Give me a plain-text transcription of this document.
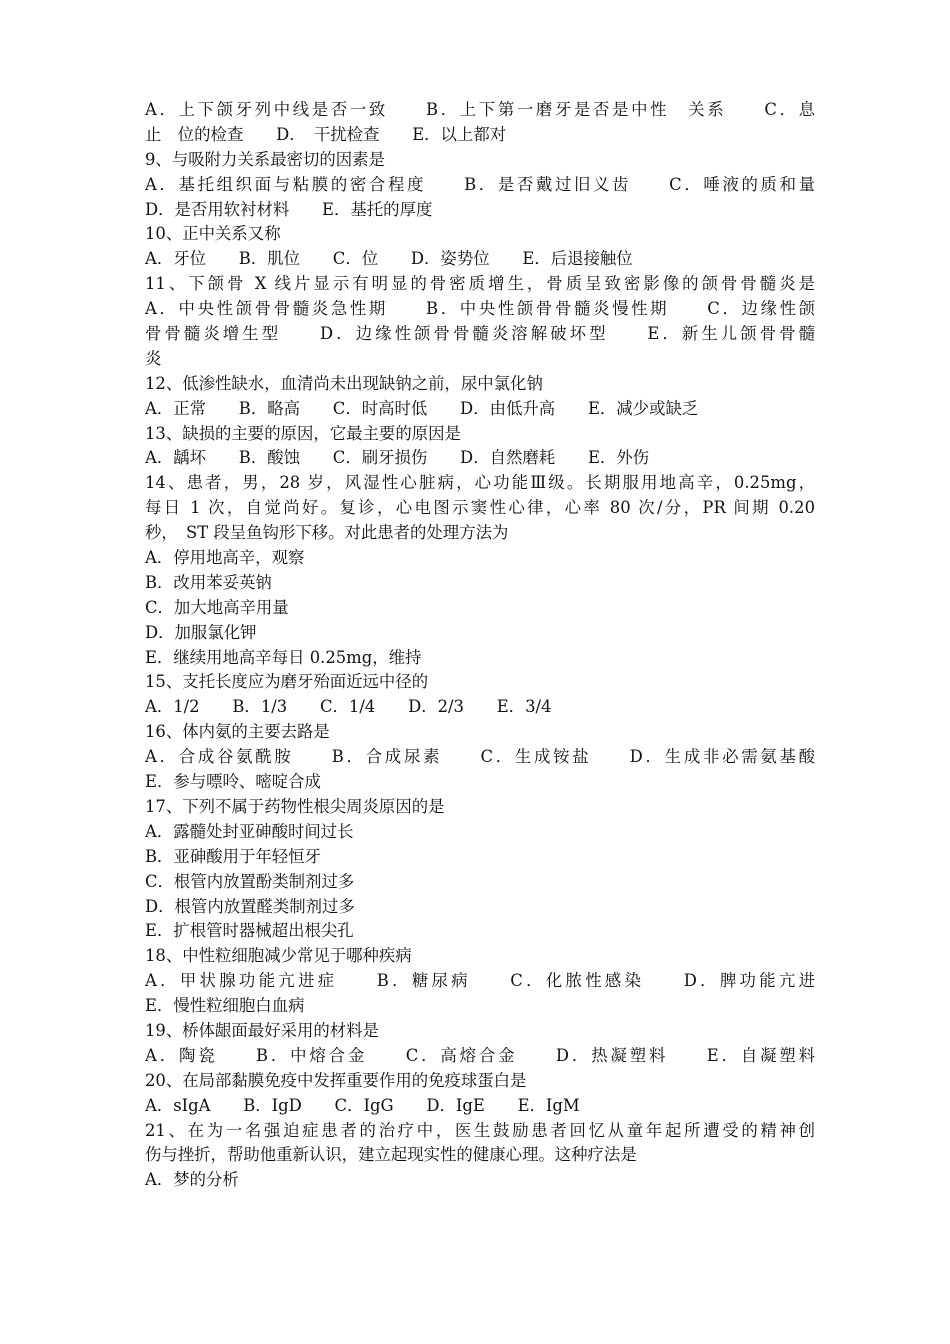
A．上下颌牙列中线是否一致　　B．上下第一磨牙是否是中性　关系　　C．息
止　位的检查　　D．　干扰检查　　E．以上都对
9、与吸附力关系最密切的因素是
A．基托组织面与粘膜的密合程度　　B．是否戴过旧义齿　　C．唾液的质和量
D．是否用软衬材料　　E．基托的厚度
10、正中关系又称
A．牙位　　B．肌位　　C．位　　D．姿势位　　E．后退接触位
11、下颌骨 X 线片显示有明显的骨密质增生，骨质呈致密影像的颌骨骨髓炎是
A．中央性颌骨骨髓炎急性期　　B．中央性颌骨骨髓炎慢性期　　C．边缘性颌
骨骨髓炎增生型　　D．边缘性颌骨骨髓炎溶解破坏型　　E．新生儿颌骨骨髓
炎
12、低渗性缺水，血清尚未出现缺钠之前，尿中氯化钠
A．正常　　B．略高　　C．时高时低　　D．由低升高　　E．减少或缺乏
13、缺损的主要的原因，它最主要的原因是
A．龋坏　　B．酸蚀　　C．刷牙损伤　　D．自然磨耗　　E．外伤
14、患者，男，28 岁，风湿性心脏病，心功能Ⅲ级。长期服用地高辛，0.25mg，
每日 1 次，自觉尚好。复诊，心电图示窦性心律，心率 80 次/分，PR 间期 0.20
秒，　ST 段呈鱼钩形下移。对此患者的处理方法为
A．停用地高辛，观察
B．改用苯妥英钠
C．加大地高辛用量
D．加服氯化钾
E．继续用地高辛每日 0.25mg，维持
15、支托长度应为磨牙殆面近远中径的
A．1/2　　B．1/3　　C．1/4　　D．2/3　　E．3/4
16、体内氨的主要去路是
A．合成谷氨酰胺　　B．合成尿素　　C．生成铵盐　　D．生成非必需氨基酸
E．参与嘌呤、嘧啶合成
17、下列不属于药物性根尖周炎原因的是
A．露髓处封亚砷酸时间过长
B．亚砷酸用于年轻恒牙
C．根管内放置酚类制剂过多
D．根管内放置醛类制剂过多
E．扩根管时器械超出根尖孔
18、中性粒细胞减少常见于哪种疾病
A．甲状腺功能亢进症　　B．糖尿病　　C．化脓性感染　　D．脾功能亢进
E．慢性粒细胞白血病
19、桥体龈面最好采用的材料是
A．陶瓷　　B．中熔合金　　C．高熔合金　　D．热凝塑料　　E．自凝塑料
20、在局部黏膜免疫中发挥重要作用的免疫球蛋白是
A．sIgA　　B．IgD　　C．IgG　　D．IgE　　E．IgM
21、在为一名强迫症患者的治疗中，医生鼓励患者回忆从童年起所遭受的精神创
伤与挫折，帮助他重新认识，建立起现实性的健康心理。这种疗法是
A．梦的分析
